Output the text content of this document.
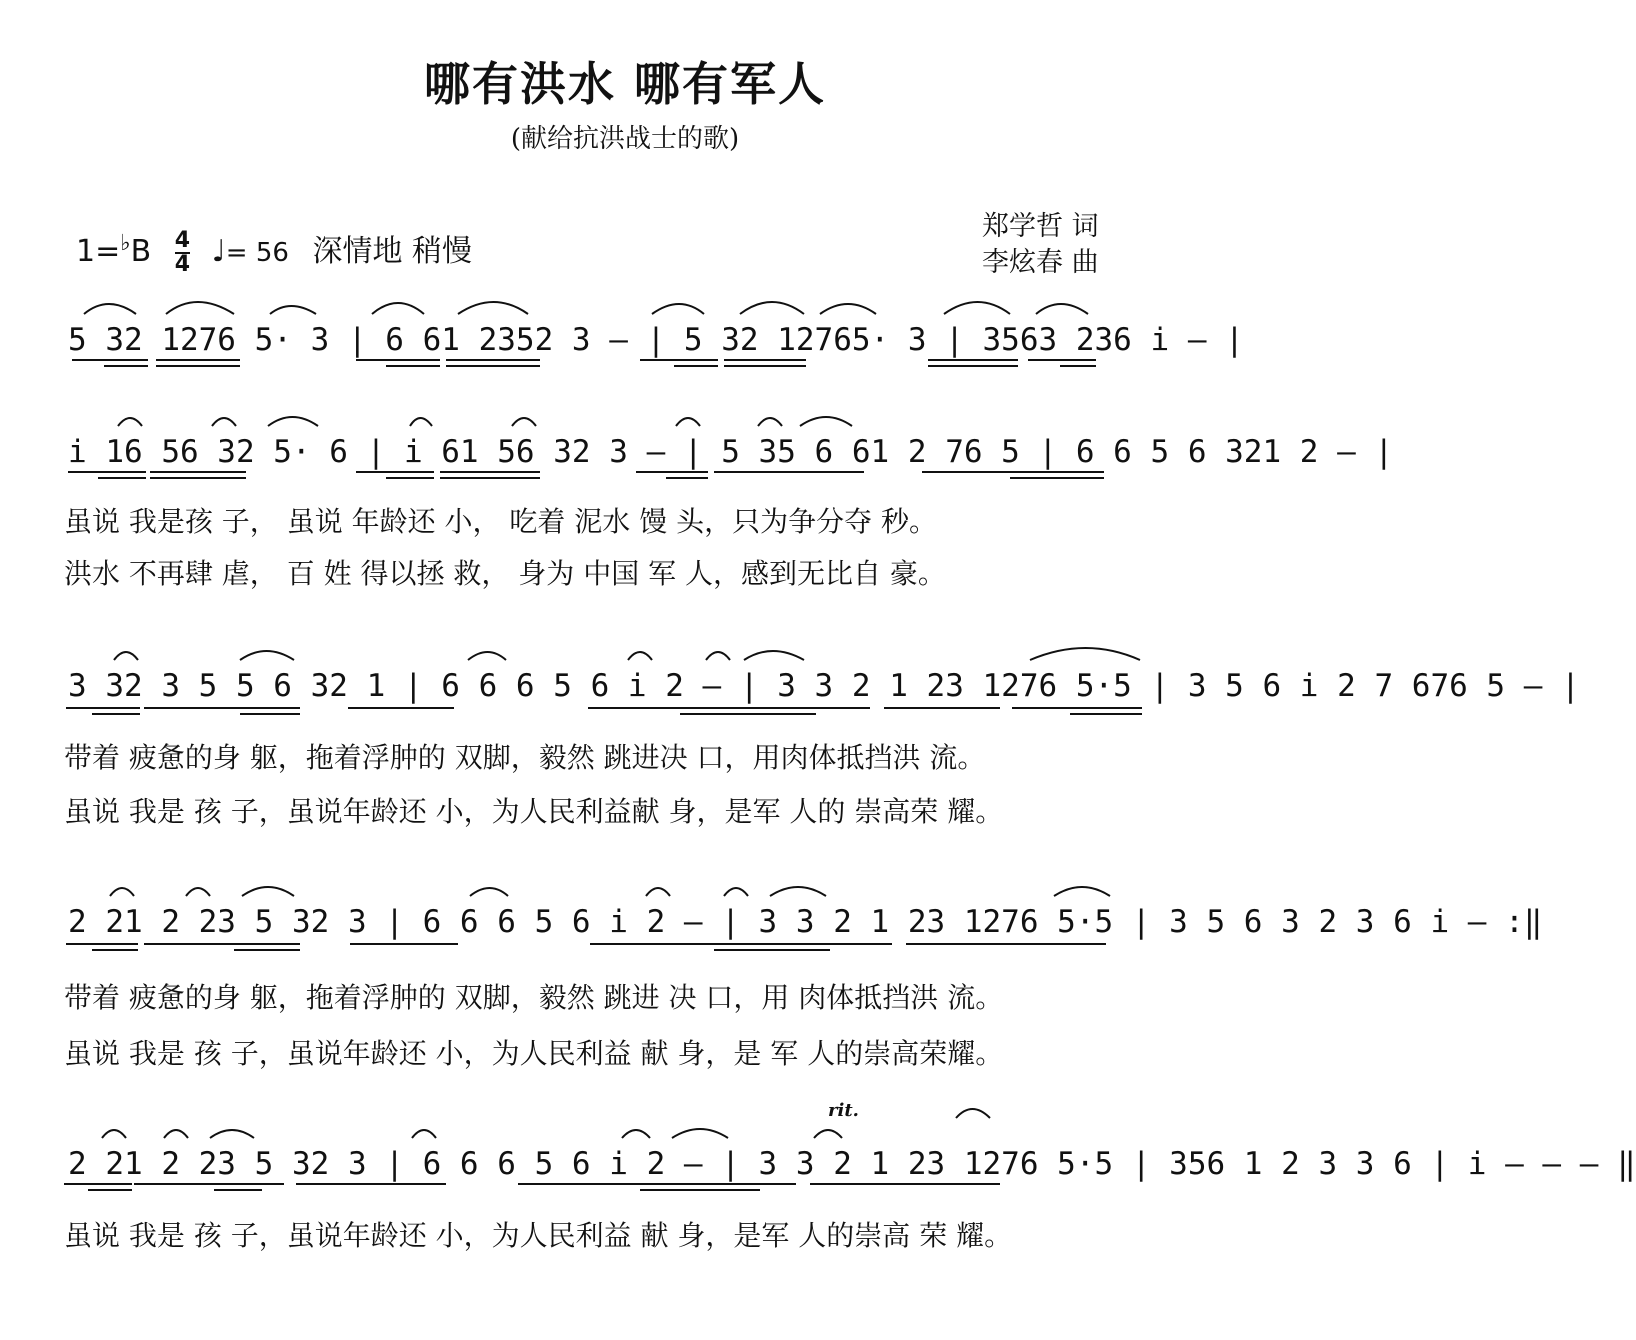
哪有洪水 哪有军人
(献给抗洪战士的歌)
$1=^♭B \frac{4}{4}$ ♩= 56 深情地 稍慢
郑学哲 词
李炫春 曲
5 32 1276 5· 3 | 6 61 2352 3 – | 5 32 12765· 3 | 3563 236 i – |
i 16 56 32 5· 6 | i 61 56 32 3 – | 5 35 6 61 2 76 5 | 6 6 5 6 321 2 – |
虽说 我是孩 子， 虽说 年龄还 小， 吃着 泥水 馒 头，只为争分夺 秒。
洪水 不再肆 虐， 百 姓 得以拯 救， 身为 中国 军 人，感到无比自 豪。
3 32 3 5 5 6 32 1 | 6 6 6 5 6 i 2 – | 3 3 2 1 23 1276 5·5 | 3 5 6 i 2 7 676 5 – |
带着 疲惫的身 躯，拖着浮肿的 双脚，毅然 跳进决 口，用肉体抵挡洪 流。
虽说 我是 孩 子，虽说年龄还 小，为人民利益献 身，是军 人的 崇高荣 耀。
2 21 2 23 5 32 3 | 6 6 6 5 6 i 2 – | 3 3 2 1 23 1276 5·5 | 3 5 6 3 2 3 6 i – :‖
带着 疲惫的身 躯，拖着浮肿的 双脚，毅然 跳进 决 口，用 肉体抵挡洪 流。
虽说 我是 孩 子，虽说年龄还 小，为人民利益 献 身，是 军 人的崇高荣耀。
rit.
2 21 2 23 5 32 3 | 6 6 6 5 6 i 2 – | 3 3 2 1 23 1276 5·5 | 356 1 2 3 3 6 | i – – – ‖
虽说 我是 孩 子，虽说年龄还 小，为人民利益 献 身，是军 人的崇高 荣 耀。
